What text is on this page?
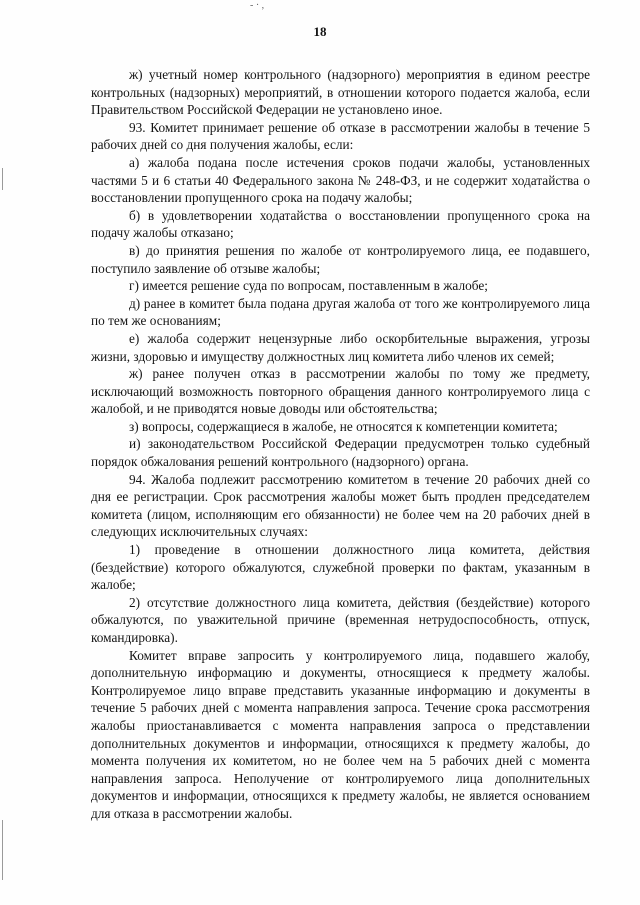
- · ,
18

ж) учетный номер контрольного (надзорного) мероприятия в едином реестре контрольных (надзорных) мероприятий, в отношении которого подается жалоба, если Правительством Российской Федерации не установлено иное.

93. Комитет принимает решение об отказе в рассмотрении жалобы в течение 5 рабочих дней со дня получения жалобы, если:

а) жалоба подана после истечения сроков подачи жалобы, установленных частями 5 и 6 статьи 40 Федерального закона № 248-ФЗ, и не содержит ходатайства о восстановлении пропущенного срока на подачу жалобы;

б) в удовлетворении ходатайства о восстановлении пропущенного срока на подачу жалобы отказано;

в) до принятия решения по жалобе от контролируемого лица, ее подавшего, поступило заявление об отзыве жалобы;

г) имеется решение суда по вопросам, поставленным в жалобе;

д) ранее в комитет была подана другая жалоба от того же контролируемого лица по тем же основаниям;

е) жалоба содержит нецензурные либо оскорбительные выражения, угрозы жизни, здоровью и имуществу должностных лиц комитета либо членов их семей;

ж) ранее получен отказ в рассмотрении жалобы по тому же предмету, исключающий возможность повторного обращения данного контролируемого лица с жалобой, и не приводятся новые доводы или обстоятельства;

з) вопросы, содержащиеся в жалобе, не относятся к компетенции комитета;

и) законодательством Российской Федерации предусмотрен только судебный порядок обжалования решений контрольного (надзорного) органа.

94. Жалоба подлежит рассмотрению комитетом в течение 20 рабочих дней со дня ее регистрации. Срок рассмотрения жалобы может быть продлен председателем комитета (лицом, исполняющим его обязанности) не более чем на 20 рабочих дней в следующих исключительных случаях:

1) проведение в отношении должностного лица комитета, действия (бездействие) которого обжалуются, служебной проверки по фактам, указанным в жалобе;

2) отсутствие должностного лица комитета, действия (бездействие) которого обжалуются, по уважительной причине (временная нетрудоспособность, отпуск, командировка).

Комитет вправе запросить у контролируемого лица, подавшего жалобу, дополнительную информацию и документы, относящиеся к предмету жалобы. Контролируемое лицо вправе представить указанные информацию и документы в течение 5 рабочих дней с момента направления запроса. Течение срока рассмотрения жалобы приостанавливается с момента направления запроса о представлении дополнительных документов и информации, относящихся к предмету жалобы, до момента получения их комитетом, но не более чем на 5 рабочих дней с момента направления запроса. Неполучение от контролируемого лица дополнительных документов и информации, относящихся к предмету жалобы, не является основанием для отказа в рассмотрении жалобы.
